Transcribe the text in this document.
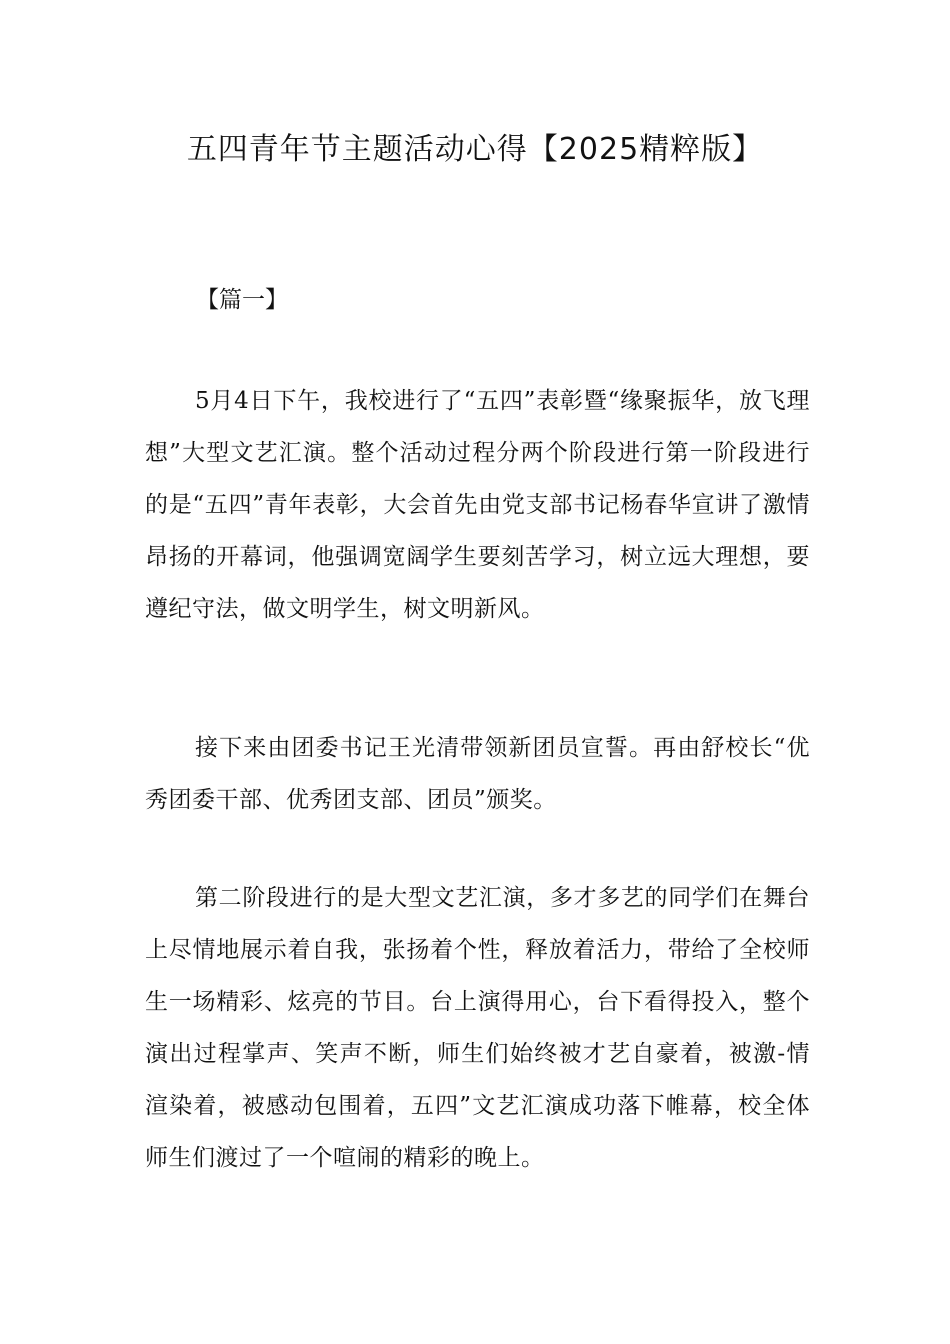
五四青年节主题活动心得【2025精粹版】

【篇一】

5月4日下午，我校进行了“五四”表彰暨“缘聚振华，放飞理想”大型文艺汇演。整个活动过程分两个阶段进行第一阶段进行的是“五四”青年表彰，大会首先由党支部书记杨春华宣讲了激情昂扬的开幕词，他强调宽阔学生要刻苦学习，树立远大理想，要遵纪守法，做文明学生，树文明新风。

接下来由团委书记王光清带领新团员宣誓。再由舒校长“优秀团委干部、优秀团支部、团员”颁奖。

第二阶段进行的是大型文艺汇演，多才多艺的同学们在舞台上尽情地展示着自我，张扬着个性，释放着活力，带给了全校师生一场精彩、炫亮的节目。台上演得用心，台下看得投入，整个演出过程掌声、笑声不断，师生们始终被才艺自豪着，被激-情渲染着，被感动包围着，五四”文艺汇演成功落下帷幕，校全体师生们渡过了一个喧闹的精彩的晚上。
